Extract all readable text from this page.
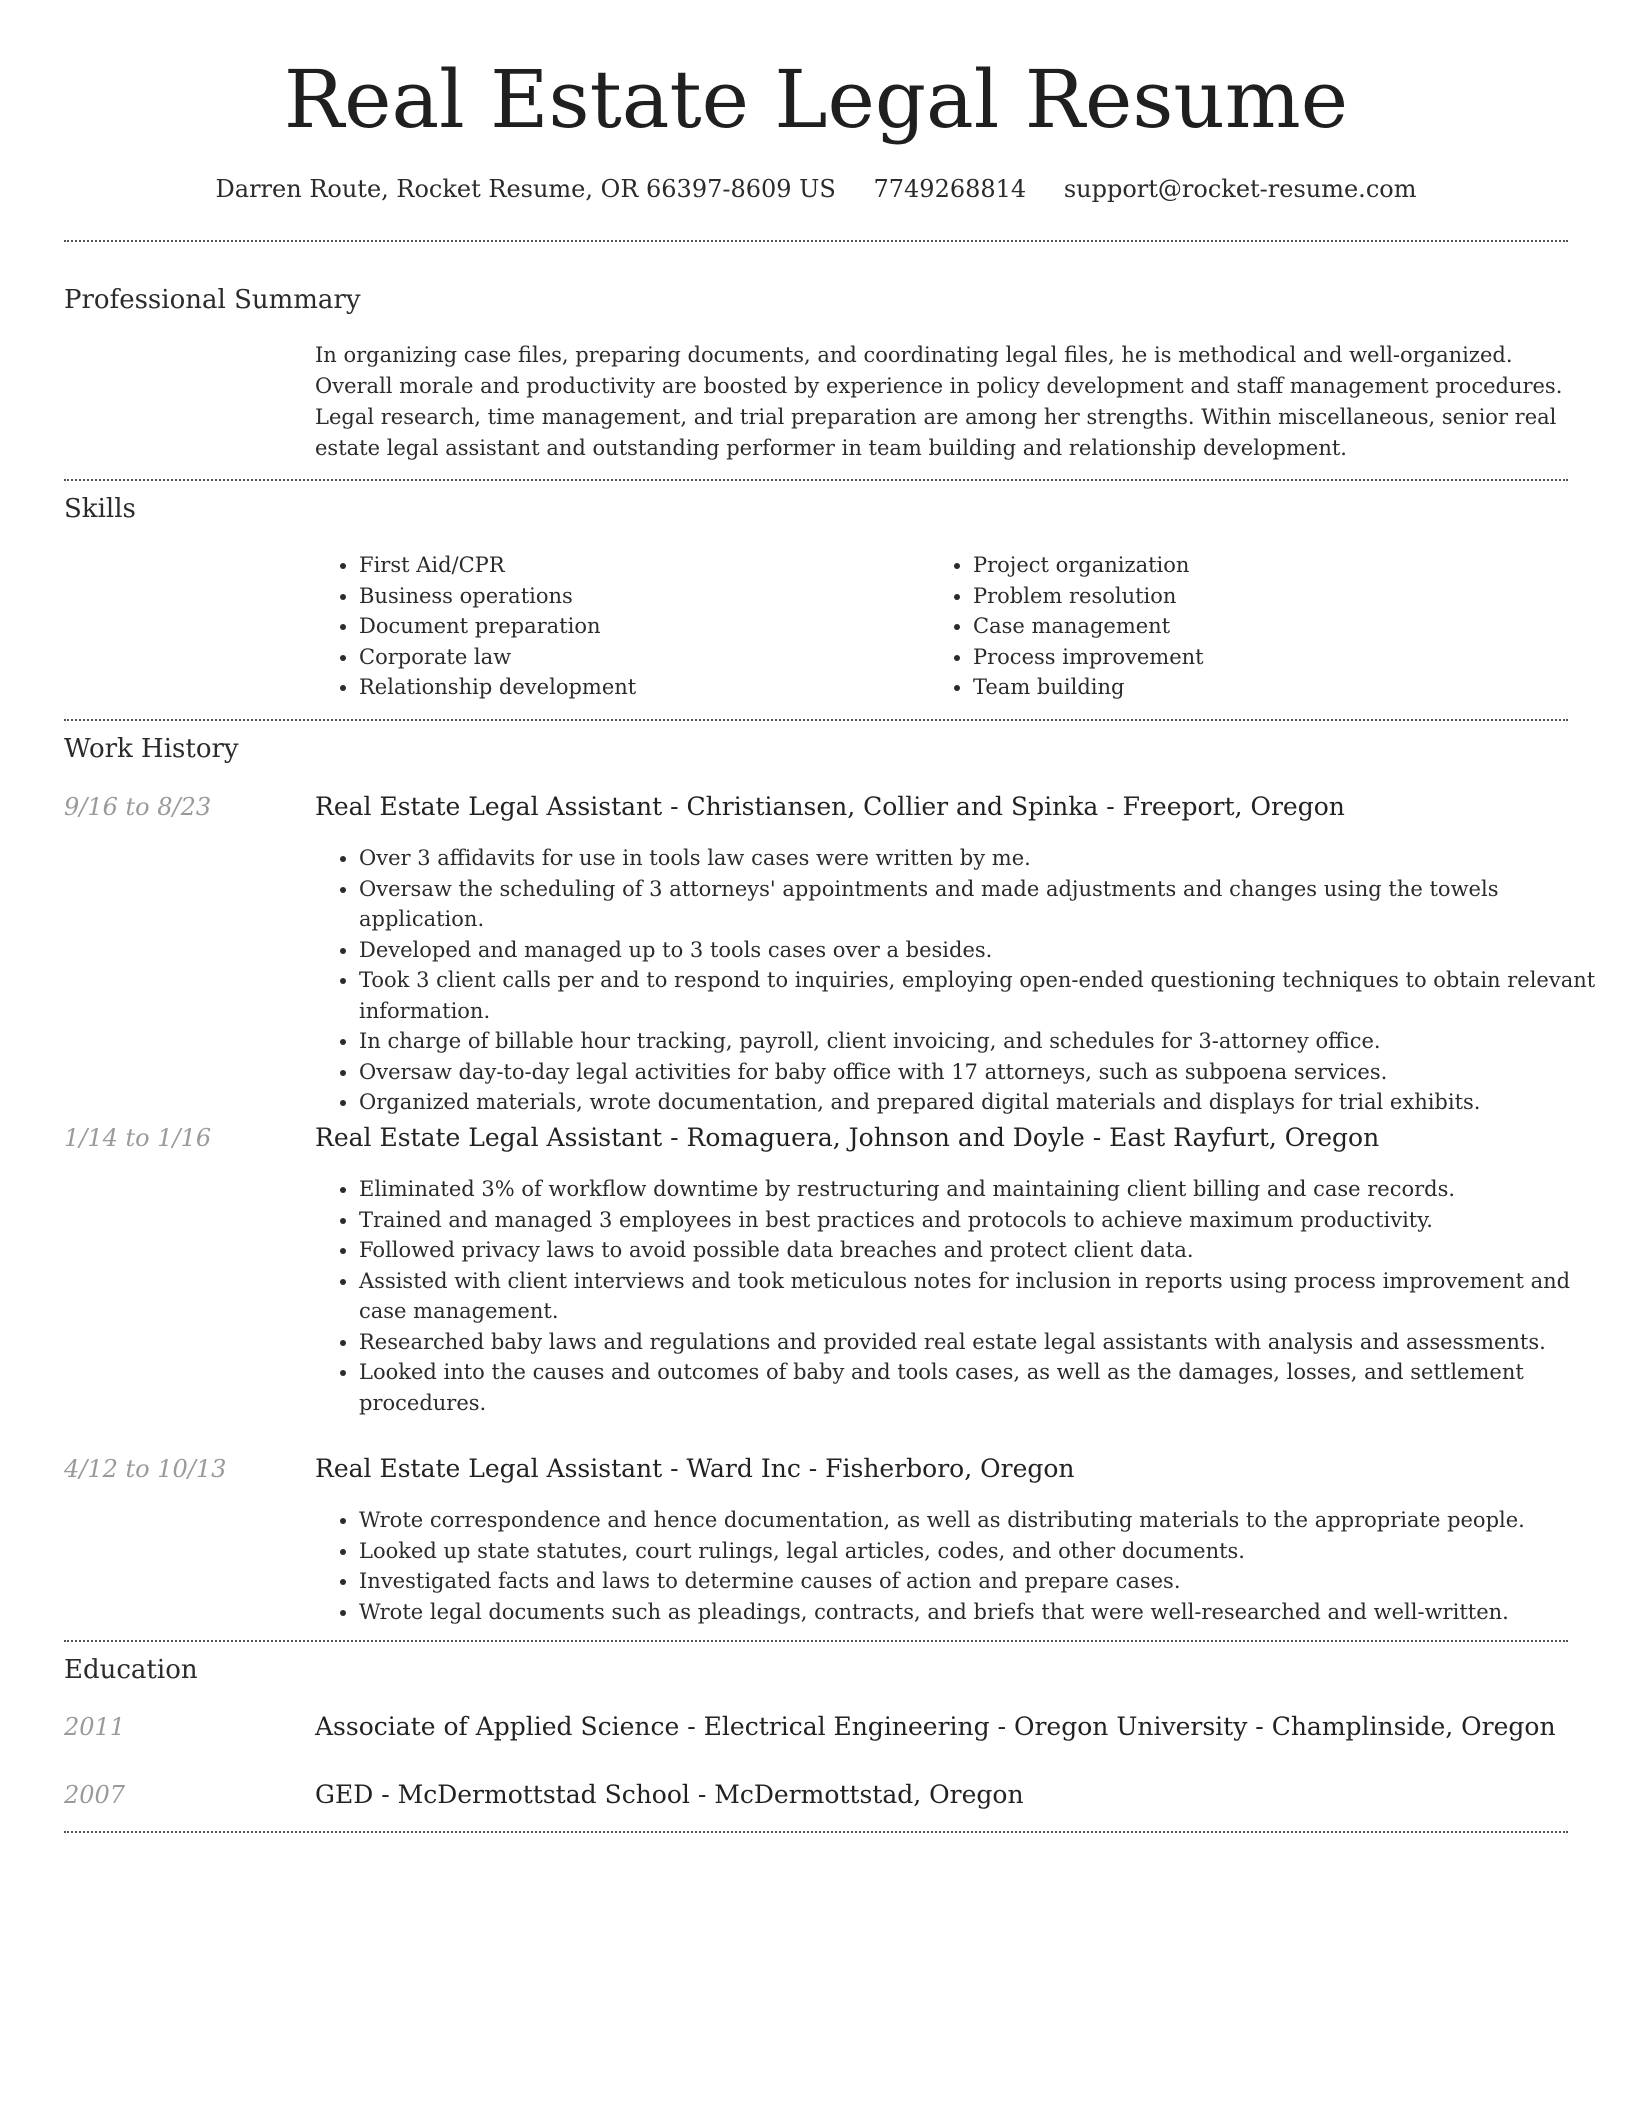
Real Estate Legal Resume
Darren Route, Rocket Resume, OR 66397-8609 US 7749268814 support@rocket-resume.com
Professional Summary

In organizing case files, preparing documents, and coordinating legal files, he is methodical and well-organized. Overall morale and productivity are boosted by experience in policy development and staff management procedures. Legal research, time management, and trial preparation are among her strengths. Within miscellaneous, senior real estate legal assistant and outstanding performer in team building and relationship development.

Skills
• First Aid/CPR
• Business operations
• Document preparation
• Corporate law
• Relationship development
• Project organization
• Problem resolution
• Case management
• Process improvement
• Team building
Work History
9/16 to 8/23	Real Estate Legal Assistant - Christiansen, Collier and Spinka - Freeport, Oregon
• Over 3 affidavits for use in tools law cases were written by me.
• Oversaw the scheduling of 3 attorneys' appointments and made adjustments and changes using the towels application.
• Developed and managed up to 3 tools cases over a besides.
• Took 3 client calls per and to respond to inquiries, employing open-ended questioning techniques to obtain relevant information.
• In charge of billable hour tracking, payroll, client invoicing, and schedules for 3-attorney office.
• Oversaw day-to-day legal activities for baby office with 17 attorneys, such as subpoena services.
• Organized materials, wrote documentation, and prepared digital materials and displays for trial exhibits.
1/14 to 1/16	Real Estate Legal Assistant - Romaguera, Johnson and Doyle - East Rayfurt, Oregon
• Eliminated 3% of workflow downtime by restructuring and maintaining client billing and case records.
• Trained and managed 3 employees in best practices and protocols to achieve maximum productivity.
• Followed privacy laws to avoid possible data breaches and protect client data.
• Assisted with client interviews and took meticulous notes for inclusion in reports using process improvement and case management.
• Researched baby laws and regulations and provided real estate legal assistants with analysis and assessments.
• Looked into the causes and outcomes of baby and tools cases, as well as the damages, losses, and settlement procedures.
4/12 to 10/13	Real Estate Legal Assistant - Ward Inc - Fisherboro, Oregon
• Wrote correspondence and hence documentation, as well as distributing materials to the appropriate people.
• Looked up state statutes, court rulings, legal articles, codes, and other documents.
• Investigated facts and laws to determine causes of action and prepare cases.
• Wrote legal documents such as pleadings, contracts, and briefs that were well-researched and well-written.
Education
2011	Associate of Applied Science - Electrical Engineering - Oregon University - Champlinside, Oregon
2007	GED - McDermottstad School - McDermottstad, Oregon
